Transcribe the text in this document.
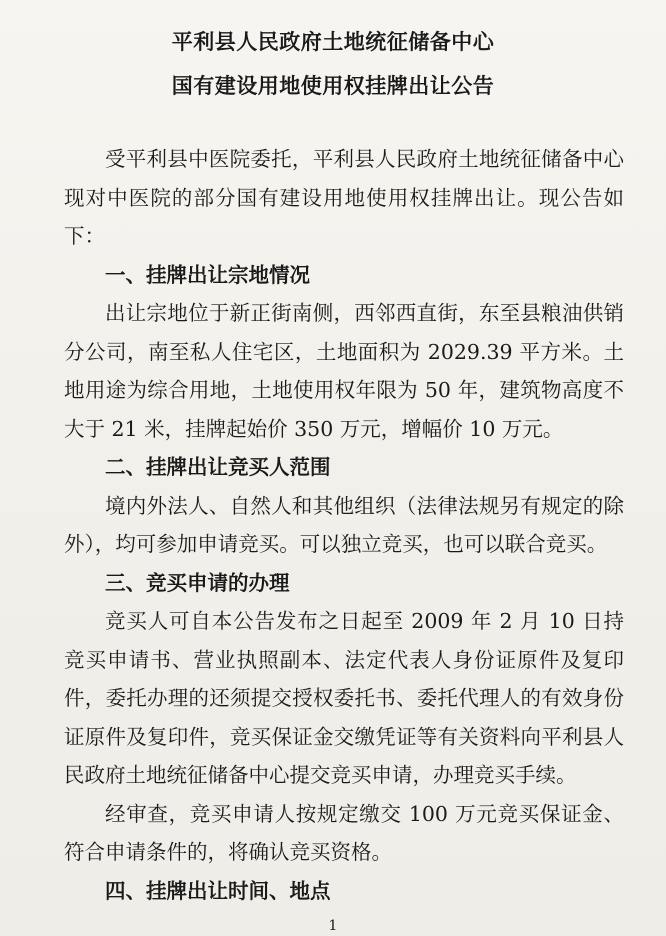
平利县人民政府土地统征储备中心
国有建设用地使用权挂牌出让公告

受平利县中医院委托，平利县人民政府土地统征储备中心现对中医院的部分国有建设用地使用权挂牌出让。现公告如下：

一、挂牌出让宗地情况

出让宗地位于新正街南侧，西邻西直街，东至县粮油供销分公司，南至私人住宅区，土地面积为 2029.39 平方米。土地用途为综合用地，土地使用权年限为 50 年，建筑物高度不大于 21 米，挂牌起始价 350 万元，增幅价 10 万元。

二、挂牌出让竞买人范围

境内外法人、自然人和其他组织（法律法规另有规定的除外），均可参加申请竞买。可以独立竞买，也可以联合竞买。

三、竞买申请的办理

竞买人可自本公告发布之日起至 2009 年 2 月 10 日持竞买申请书、营业执照副本、法定代表人身份证原件及复印件，委托办理的还须提交授权委托书、委托代理人的有效身份证原件及复印件，竞买保证金交缴凭证等有关资料向平利县人民政府土地统征储备中心提交竞买申请，办理竞买手续。

经审查，竞买申请人按规定缴交 100 万元竞买保证金、符合申请条件的，将确认竞买资格。

四、挂牌出让时间、地点

1
